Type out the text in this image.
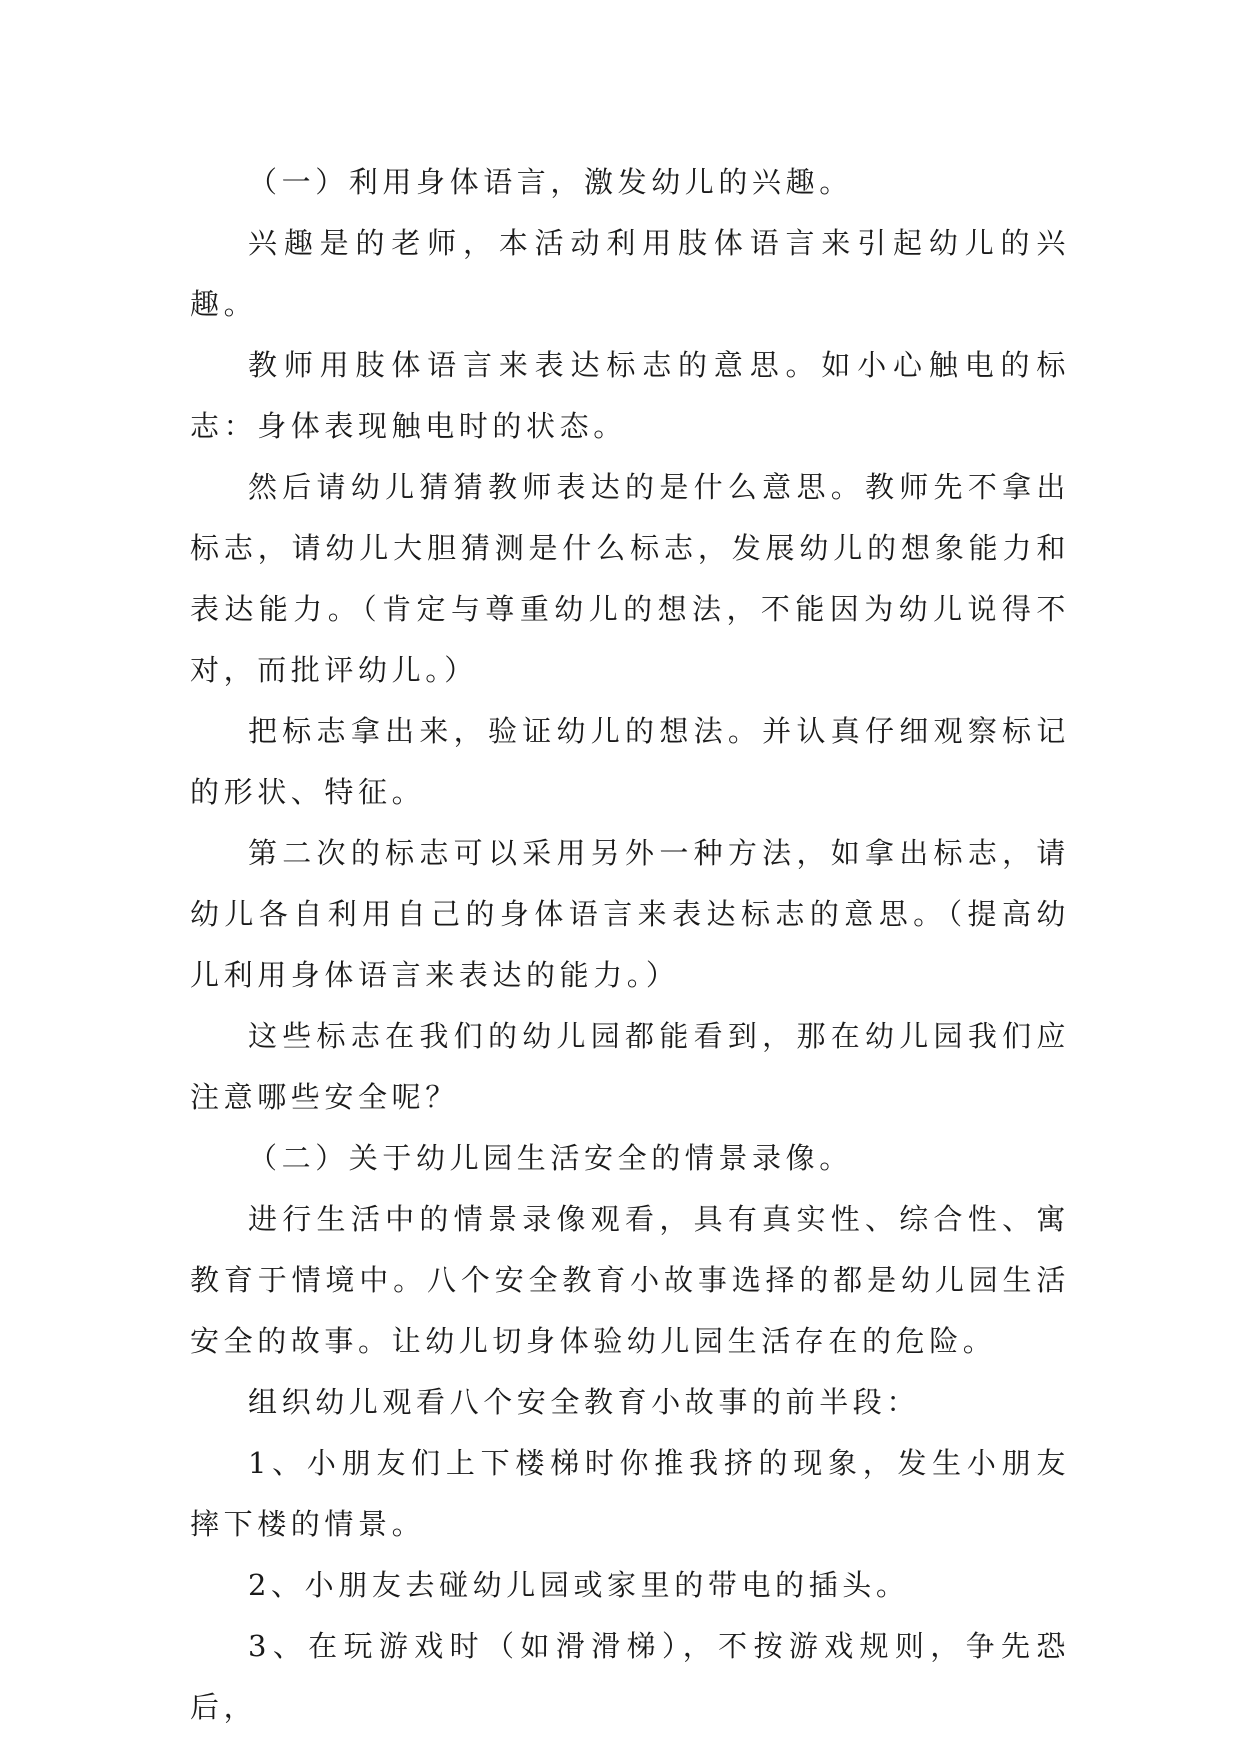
（一）利用身体语言，激发幼儿的兴趣。

兴趣是的老师，本活动利用肢体语言来引起幼儿的兴趣。

教师用肢体语言来表达标志的意思。如小心触电的标志：身体表现触电时的状态。

然后请幼儿猜猜教师表达的是什么意思。教师先不拿出标志，请幼儿大胆猜测是什么标志，发展幼儿的想象能力和表达能力。（肯定与尊重幼儿的想法，不能因为幼儿说得不对，而批评幼儿。）

把标志拿出来，验证幼儿的想法。并认真仔细观察标记的形状、特征。

第二次的标志可以采用另外一种方法，如拿出标志，请幼儿各自利用自己的身体语言来表达标志的意思。（提高幼儿利用身体语言来表达的能力。）

这些标志在我们的幼儿园都能看到，那在幼儿园我们应注意哪些安全呢？

（二）关于幼儿园生活安全的情景录像。

进行生活中的情景录像观看，具有真实性、综合性、寓教育于情境中。八个安全教育小故事选择的都是幼儿园生活安全的故事。让幼儿切身体验幼儿园生活存在的危险。

组织幼儿观看八个安全教育小故事的前半段：

1、小朋友们上下楼梯时你推我挤的现象，发生小朋友摔下楼的情景。

2、小朋友去碰幼儿园或家里的带电的插头。

3、在玩游戏时（如滑滑梯），不按游戏规则，争先恐后，
